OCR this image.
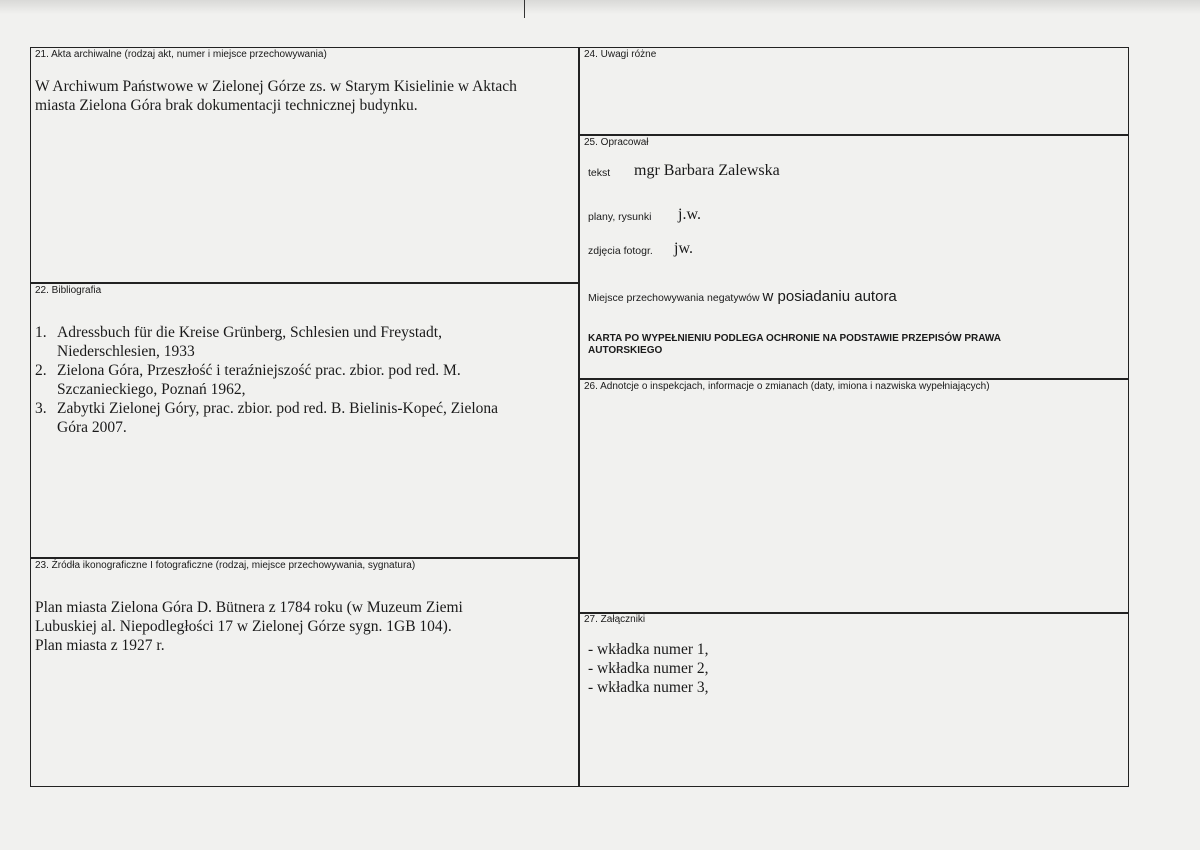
21. Akta archiwalne (rodzaj akt, numer i miejsce przechowywania)
W Archiwum Państwowe w Zielonej Górze zs. w Starym Kisielinie w Aktach
miasta Zielona Góra brak dokumentacji technicznej budynku.
22. Bibliografia
1. Adressbuch für die Kreise Grünberg, Schlesien und Freystadt,
Niederschlesien, 1933
2. Zielona Góra, Przeszłość i teraźniejszość prac. zbior. pod red. M.
Szczanieckiego, Poznań 1962,
3. Zabytki Zielonej Góry, prac. zbior. pod red. B. Bielinis-Kopeć, Zielona
Góra 2007.
23. Źródła ikonograficzne I fotograficzne (rodzaj, miejsce przechowywania, sygnatura)
Plan miasta Zielona Góra D. Bütnera z 1784 roku (w Muzeum Ziemi
Lubuskiej al. Niepodległości 17 w Zielonej Górze sygn. 1GB 104).
Plan miasta z 1927 r.
24. Uwagi różne
25. Opracował
tekst mgr Barbara Zalewska
plany, rysunki j.w.
zdjęcia fotogr. jw.
Miejsce przechowywania negatywów w posiadaniu autora
KARTA PO WYPEŁNIENIU PODLEGA OCHRONIE NA PODSTAWIE PRZEPISÓW PRAWA
AUTORSKIEGO
26. Adnotcje o inspekcjach, informacje o zmianach (daty, imiona i nazwiska wypełniających)
27. Załączniki
- wkładka numer 1,
- wkładka numer 2,
- wkładka numer 3,
